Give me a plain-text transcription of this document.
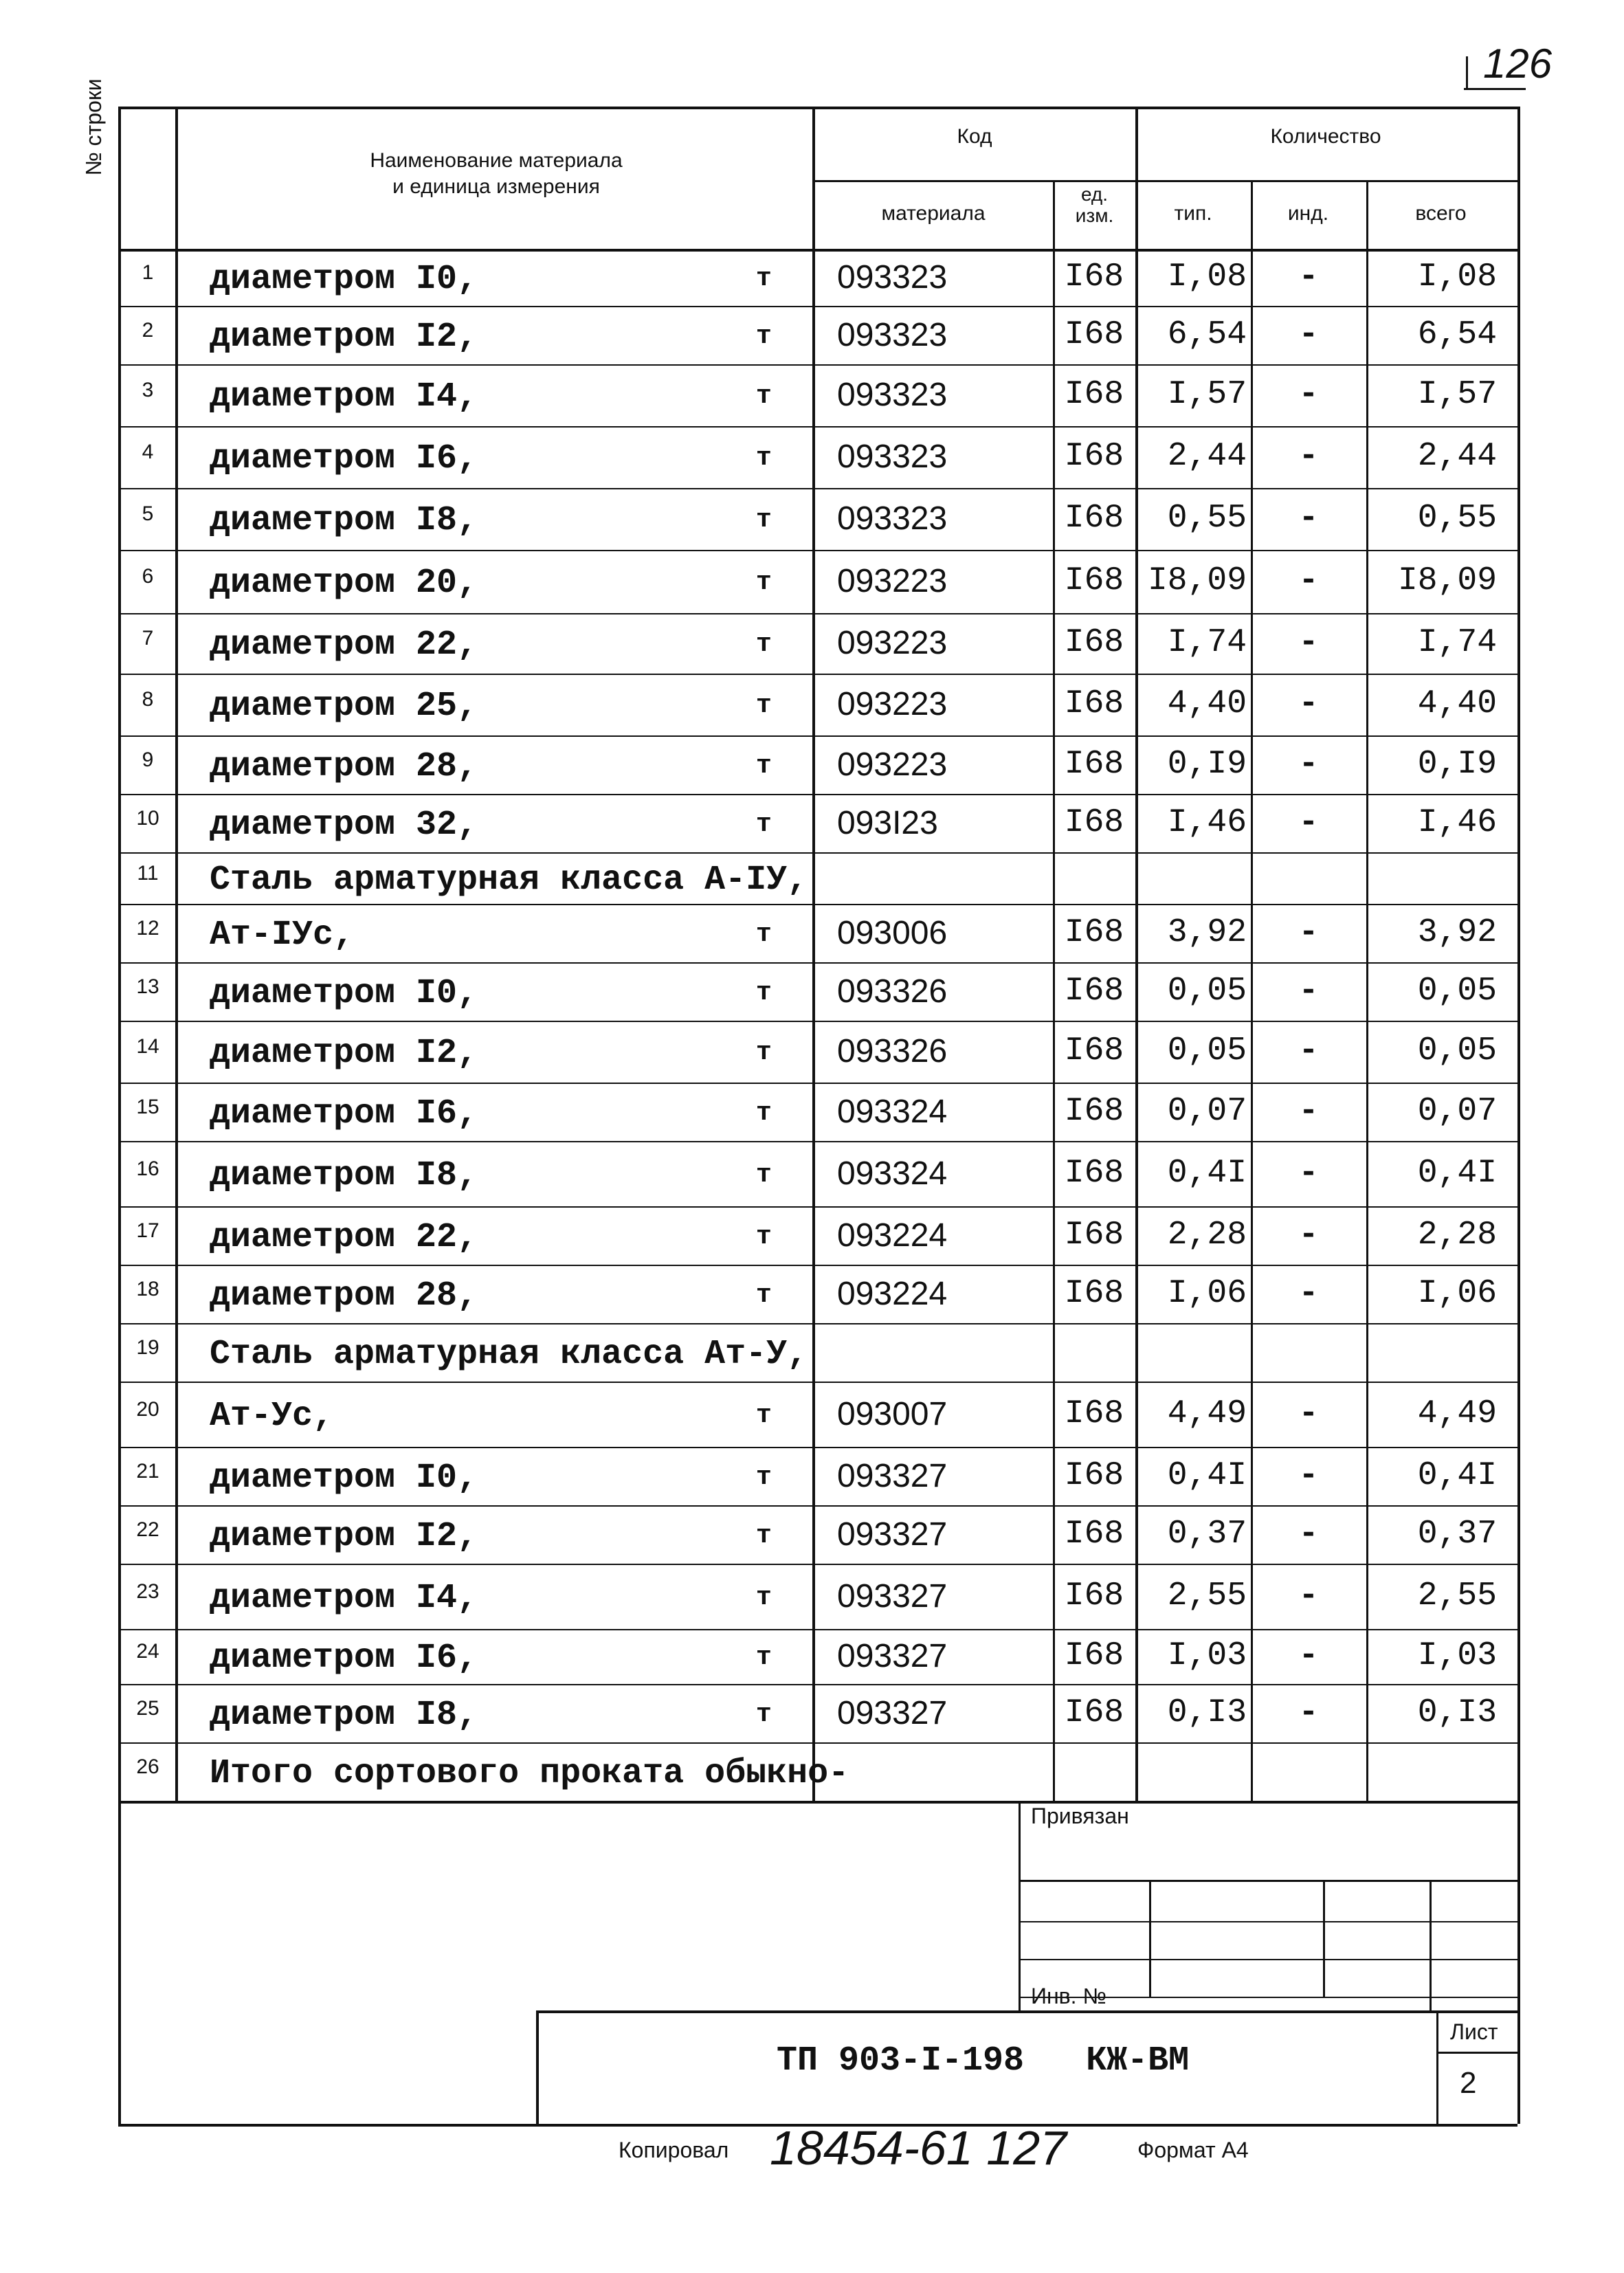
126
№ строки	Наименование материала
и единица измерения
Код	Количество
материала
ед.
изм.	тип.	инд.	всего
1	диаметром I0,	т 093323	I68	I,08	-	I,08
2	диаметром I2,	т 093323	I68	6,54	-	6,54
3	диаметром I4,	т 093323	I68	I,57	-	I,57
4	диаметром I6,	т 093323	I68	2,44	-	2,44
5	диаметром I8,	т 093323	I68	0,55	-	0,55
6	диаметром 20,	т 093223	I68 I8,09	-	I8,09
7	диаметром 22,	т 093223	I68	I,74	-	I,74
8	диаметром 25,	т 093223	I68	4,40	-	4,40
9	диаметром 28,	т 093223	I68	0,I9	-	0,I9
10	диаметром 32,	т 093I23	I68	I,46	-	I,46
11	Сталь арматурная класса А-IУ,
12	Ат-IУс,	т 093006	I68	3,92	-	3,92
13	диаметром I0,	т 093326	I68	0,05	-	0,05
14	диаметром I2,	т 093326	I68	0,05	-	0,05
15	диаметром I6,	т 093324	I68	0,07	-	0,07
16	диаметром I8,	т 093324	I68	0,4I	-	0,4I
17	диаметром 22,	т 093224	I68	2,28	-	2,28
18	диаметром 28,	т 093224	I68	I,06	-	I,06
19	Сталь арматурная класса Ат-У,
20	Ат-Ус,	т 093007	I68	4,49	-	4,49
21	диаметром I0,	т 093327	I68	0,4I	-	0,4I
22	диаметром I2,	т 093327	I68	0,37	-	0,37
23	диаметром I4,	т 093327	I68	2,55	-	2,55
24	диаметром I6,	т 093327	I68	I,03	-	I,03
25	диаметром I8,	т 093327	I68	0,I3	-	0,I3
26	Итого сортового проката обыкно-
Привязан
Инв. №
ТП 903-I-198   КЖ-ВМ
Лист
2
Копировал 18454-61 127	Формат А4
